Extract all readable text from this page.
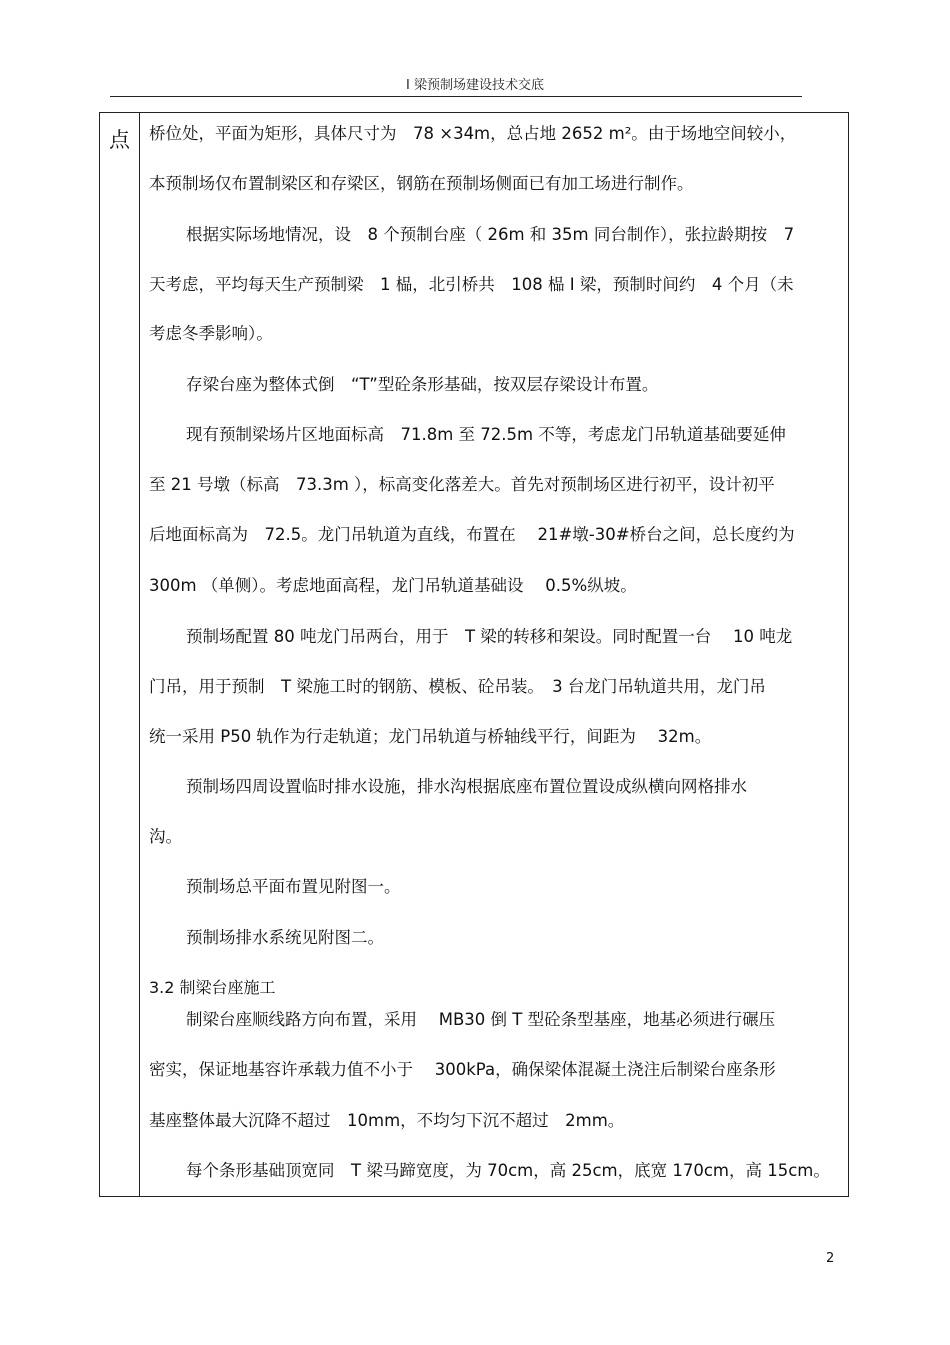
I 梁预制场建设技术交底
点	桥位处，平面为矩形，具体尺寸为　78 ×34m，总占地 2652 m²。由于场地空间较小，
本预制场仅布置制梁区和存梁区，钢筋在预制场侧面已有加工场进行制作。
根据实际场地情况，设　8 个预制台座（ 26m 和 35m 同台制作），张拉龄期按　7
天考虑，平均每天生产预制梁　1 榀，北引桥共　108 榀 I 梁，预制时间约　4 个月（未
考虑冬季影响）。
存梁台座为整体式倒　“T”型砼条形基础，按双层存梁设计布置。
现有预制梁场片区地面标高　71.8m 至 72.5m 不等，考虑龙门吊轨道基础要延伸
至 21 号墩（标高　73.3m ），标高变化落差大。首先对预制场区进行初平，设计初平
后地面标高为　72.5。龙门吊轨道为直线，布置在　 21#墩-30#桥台之间，总长度约为
300m （单侧）。考虑地面高程，龙门吊轨道基础设　 0.5%纵坡。
预制场配置 80 吨龙门吊两台，用于　T 梁的转移和架设。同时配置一台　 10 吨龙
门吊，用于预制　T 梁施工时的钢筋、模板、砼吊装。　3 台龙门吊轨道共用，龙门吊
统一采用 P50 轨作为行走轨道；龙门吊轨道与桥轴线平行，间距为　 32m。
预制场四周设置临时排水设施，排水沟根据底座布置位置设成纵横向网格排水
沟。
预制场总平面布置见附图一。
预制场排水系统见附图二。
3.2 制梁台座施工
制梁台座顺线路方向布置，采用　 MB30 倒 T 型砼条型基座，地基必须进行碾压
密实，保证地基容许承载力值不小于　 300kPa，确保梁体混凝土浇注后制梁台座条形
基座整体最大沉降不超过　10mm，不均匀下沉不超过　2mm。
每个条形基础顶宽同　T 梁马蹄宽度，为 70cm，高 25cm，底宽 170cm，高 15cm。
2
